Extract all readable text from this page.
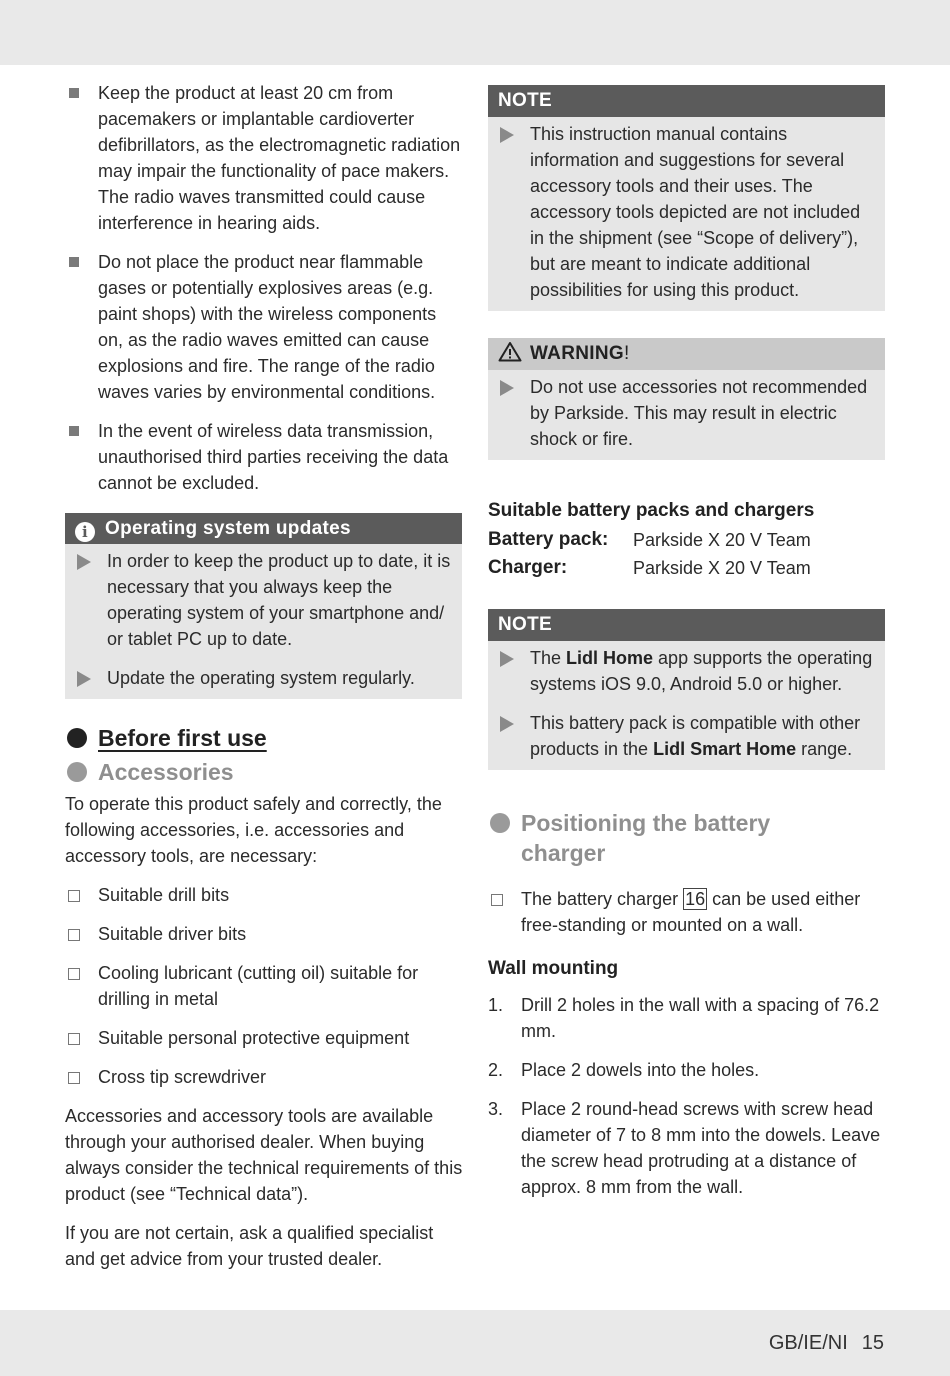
Keep the product at least 20 cm from pacemakers or implantable cardioverter defibrillators, as the electromagnetic radiation may impair the functionality of pace makers. The radio waves transmitted could cause interference in hearing aids.
Do not place the product near flammable gases or potentially explosives areas (e.g. paint shops) with the wireless components on, as the radio waves emitted can cause explosions and fire. The range of the radio waves varies by environmental conditions.
In the event of wireless data transmission, unauthorised third parties receiving the data cannot be excluded.
i Operating system updates
In order to keep the product up to date, it is necessary that you always keep the operating system of your smartphone and/ or tablet PC up to date.
Update the operating system regularly.
Before first use
Accessories
To operate this product safely and correctly, the following accessories, i.e. accessories and accessory tools, are necessary:
Suitable drill bits
Suitable driver bits
Cooling lubricant (cutting oil) suitable for drilling in metal
Suitable personal protective equipment
Cross tip screwdriver
Accessories and accessory tools are available through your authorised dealer. When buying always consider the technical requirements of this product (see “Technical data”).
If you are not certain, ask a qualified specialist and get advice from your trusted dealer.
NOTE
This instruction manual contains information and suggestions for several accessory tools and their uses. The accessory tools depicted are not included in the shipment (see “Scope of delivery”), but are meant to indicate additional possibilities for using this product.
WARNING!
Do not use accessories not recommended by Parkside. This may result in electric shock or fire.
Suitable battery packs and chargers
Battery pack:	Parkside X 20 V Team
Charger:	Parkside X 20 V Team
NOTE
The Lidl Home app supports the operating systems iOS 9.0, Android 5.0 or higher.
This battery pack is compatible with other products in the Lidl Smart Home range.
Positioning the battery charger
The battery charger 16 can be used either free-standing or mounted on a wall.
Wall mounting
1. Drill 2 holes in the wall with a spacing of 76.2 mm.
2. Place 2 dowels into the holes.
3. Place 2 round-head screws with screw head diameter of 7 to 8 mm into the dowels. Leave the screw head protruding at a distance of approx. 8 mm from the wall.
GB/IE/NI 15
